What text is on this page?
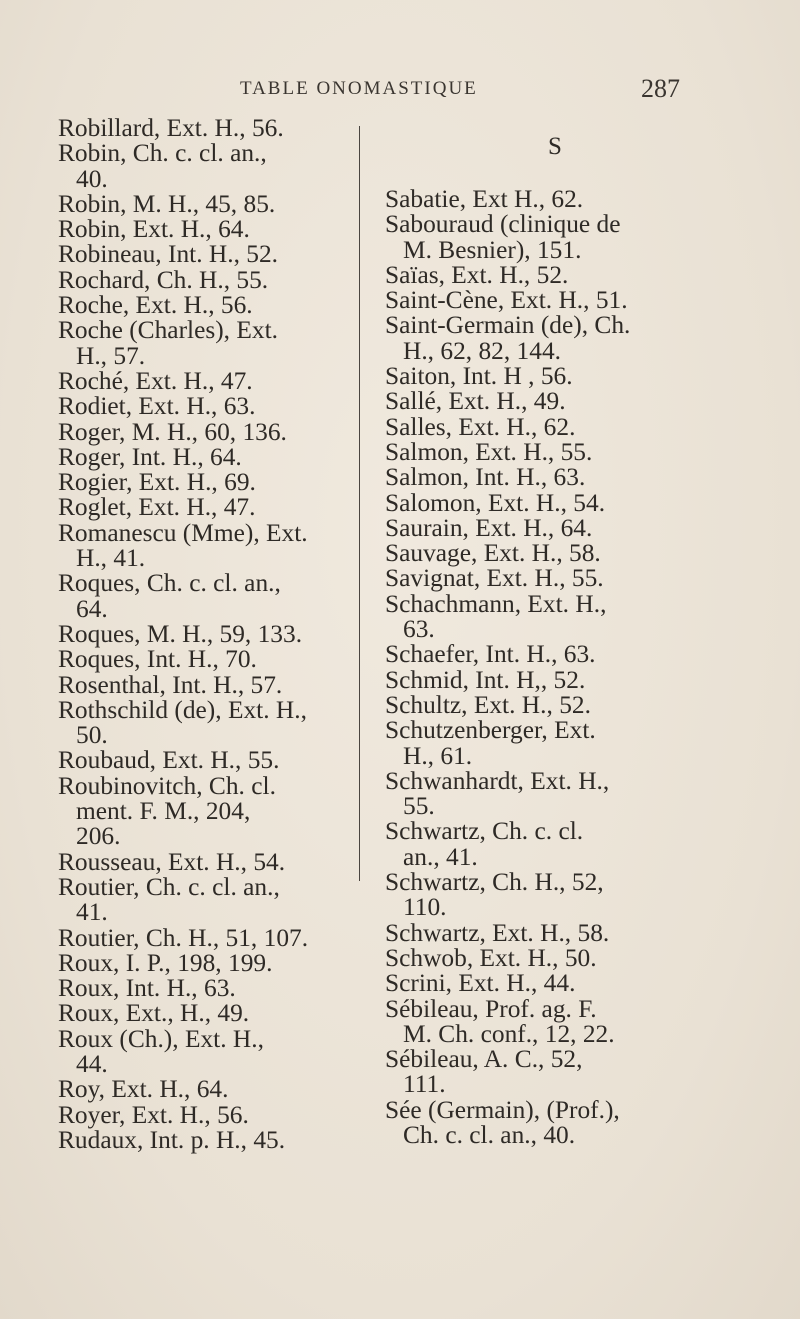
TABLE ONOMASTIQUE	287
Robillard, Ext. H., 56.
Robin, Ch. c. cl. an.,
40.
Robin, M. H., 45, 85.
Robin, Ext. H., 64.
Robineau, Int. H., 52.
Rochard, Ch. H., 55.
Roche, Ext. H., 56.
Roche (Charles), Ext.
H., 57.
Roché, Ext. H., 47.
Rodiet, Ext. H., 63.
Roger, M. H., 60, 136.
Roger, Int. H., 64.
Rogier, Ext. H., 69.
Roglet, Ext. H., 47.
Romanescu (Mme), Ext.
H., 41.
Roques, Ch. c. cl. an.,
64.
Roques, M. H., 59, 133.
Roques, Int. H., 70.
Rosenthal, Int. H., 57.
Rothschild (de), Ext. H.,
50.
Roubaud, Ext. H., 55.
Roubinovitch, Ch. cl.
ment. F. M., 204,
206.
Rousseau, Ext. H., 54.
Routier, Ch. c. cl. an.,
41.
Routier, Ch. H., 51, 107.
Roux, I. P., 198, 199.
Roux, Int. H., 63.
Roux, Ext., H., 49.
Roux (Ch.), Ext. H.,
44.
Roy, Ext. H., 64.
Royer, Ext. H., 56.
Rudaux, Int. p. H., 45.
S
Sabatie, Ext H., 62.
Sabouraud (clinique de
M. Besnier), 151.
Saïas, Ext. H., 52.
Saint-Cène, Ext. H., 51.
Saint-Germain (de), Ch.
H., 62, 82, 144.
Saiton, Int. H , 56.
Sallé, Ext. H., 49.
Salles, Ext. H., 62.
Salmon, Ext. H., 55.
Salmon, Int. H., 63.
Salomon, Ext. H., 54.
Saurain, Ext. H., 64.
Sauvage, Ext. H., 58.
Savignat, Ext. H., 55.
Schachmann, Ext. H.,
63.
Schaefer, Int. H., 63.
Schmid, Int. H,, 52.
Schultz, Ext. H., 52.
Schutzenberger, Ext.
H., 61.
Schwanhardt, Ext. H.,
55.
Schwartz, Ch. c. cl.
an., 41.
Schwartz, Ch. H., 52,
110.
Schwartz, Ext. H., 58.
Schwob, Ext. H., 50.
Scrini, Ext. H., 44.
Sébileau, Prof. ag. F.
M. Ch. conf., 12, 22.
Sébileau, A. C., 52,
111.
Sée (Germain), (Prof.),
Ch. c. cl. an., 40.
